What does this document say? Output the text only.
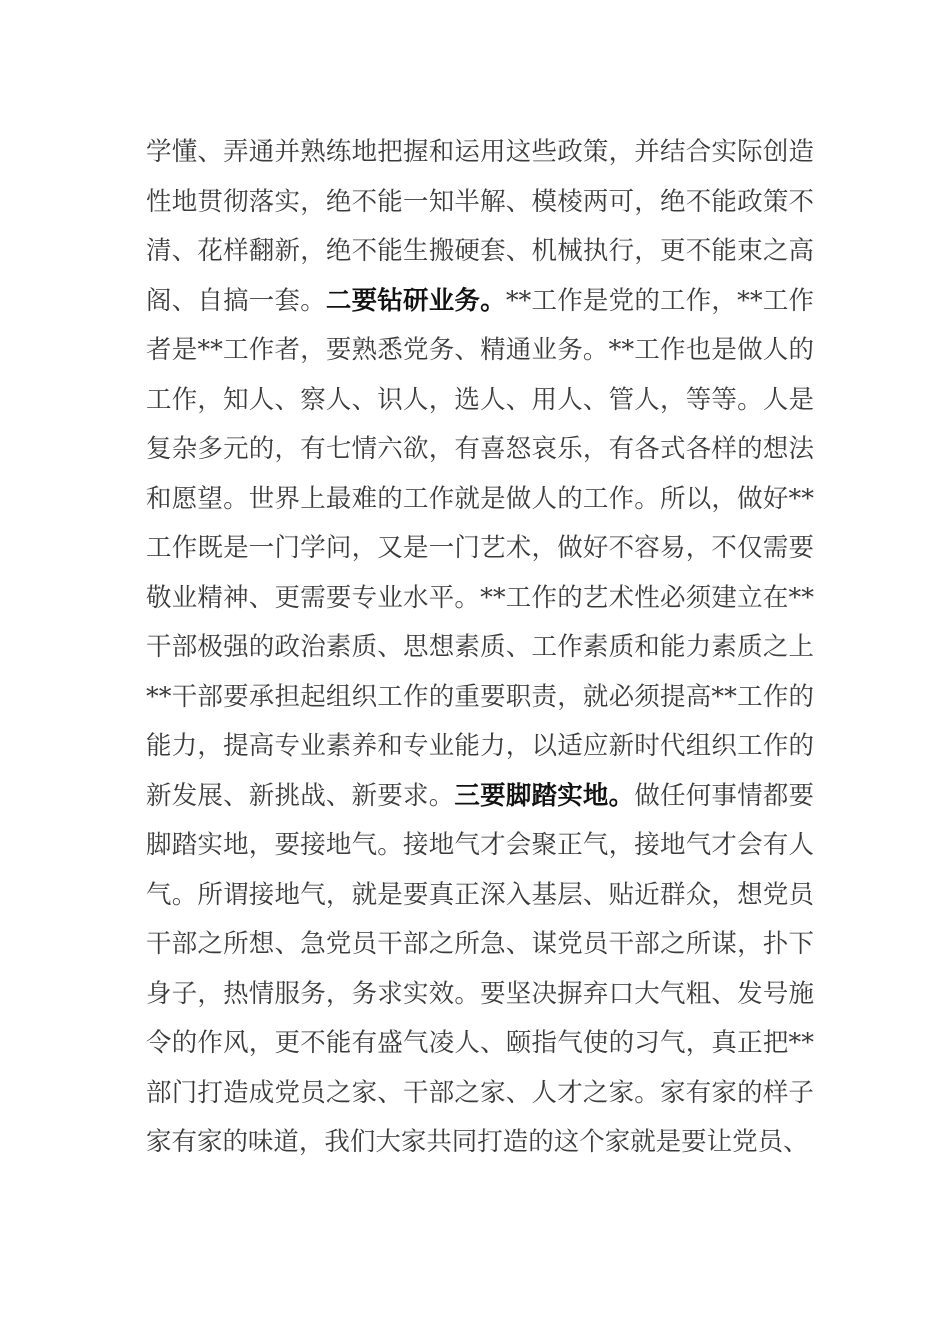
学懂、弄通并熟练地把握和运用这些政策，并结合实际创造
性地贯彻落实，绝不能一知半解、模棱两可，绝不能政策不
清、花样翻新，绝不能生搬硬套、机械执行，更不能束之高
阁、自搞一套。二要钻研业务。**工作是党的工作，**工作
者是**工作者，要熟悉党务、精通业务。**工作也是做人的
工作，知人、察人、识人，选人、用人、管人，等等。人是
复杂多元的，有七情六欲，有喜怒哀乐，有各式各样的想法
和愿望。世界上最难的工作就是做人的工作。所以，做好**
工作既是一门学问，又是一门艺术，做好不容易，不仅需要
敬业精神、更需要专业水平。**工作的艺术性必须建立在**
干部极强的政治素质、思想素质、工作素质和能力素质之上
**干部要承担起组织工作的重要职责，就必须提高**工作的
能力，提高专业素养和专业能力，以适应新时代组织工作的
新发展、新挑战、新要求。三要脚踏实地。做任何事情都要
脚踏实地，要接地气。接地气才会聚正气，接地气才会有人
气。所谓接地气，就是要真正深入基层、贴近群众，想党员
干部之所想、急党员干部之所急、谋党员干部之所谋，扑下
身子，热情服务，务求实效。要坚决摒弃口大气粗、发号施
令的作风，更不能有盛气凌人、颐指气使的习气，真正把**
部门打造成党员之家、干部之家、人才之家。家有家的样子
家有家的味道，我们大家共同打造的这个家就是要让党员、
